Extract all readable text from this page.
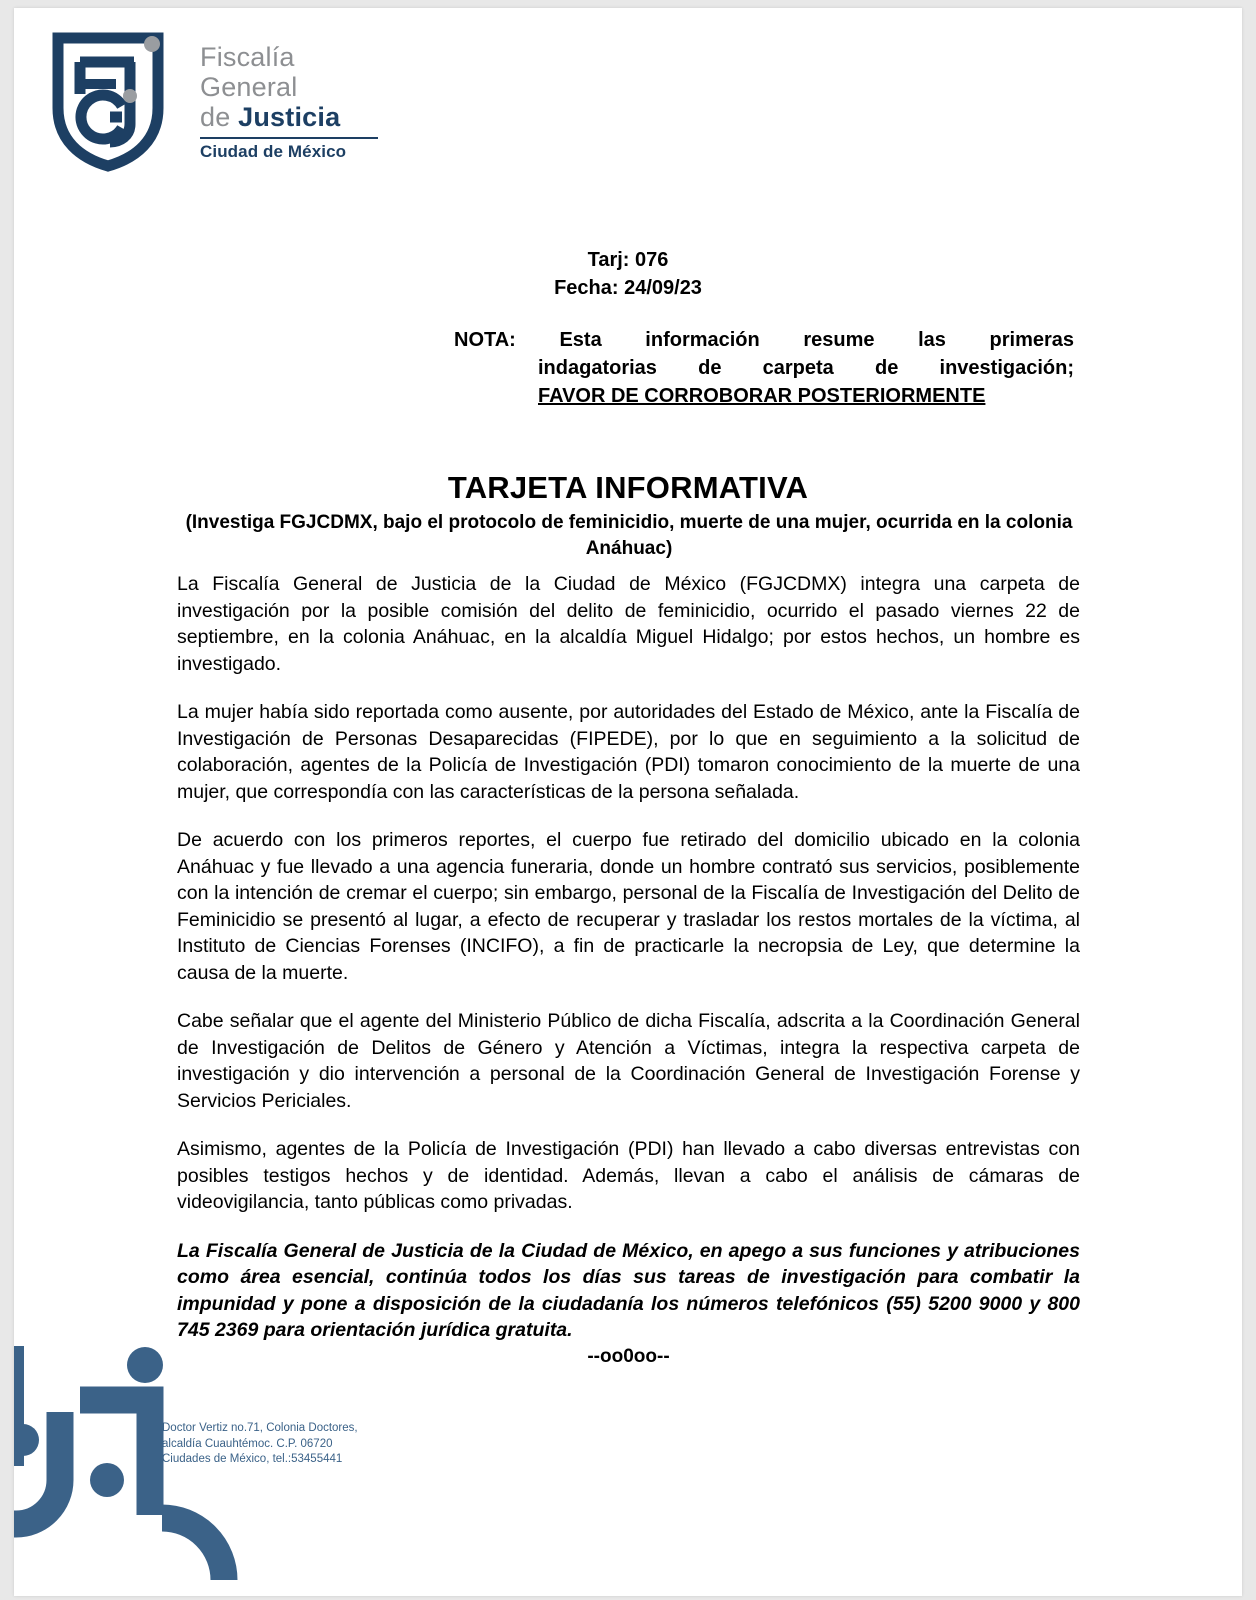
Fiscalía
General
de Justicia
Ciudad de México
Tarj: 076
Fecha: 24/09/23
NOTA: Esta información resume las primeras
indagatorias de carpeta de investigación;
FAVOR DE CORROBORAR POSTERIORMENTE
TARJETA INFORMATIVA
(Investiga FGJCDMX, bajo el protocolo de feminicidio, muerte de una mujer, ocurrida en la colonia Anáhuac)

La Fiscalía General de Justicia de la Ciudad de México (FGJCDMX) integra una carpeta de investigación por la posible comisión del delito de feminicidio, ocurrido el pasado viernes 22 de septiembre, en la colonia Anáhuac, en la alcaldía Miguel Hidalgo; por estos hechos, un hombre es investigado.

La mujer había sido reportada como ausente, por autoridades del Estado de México, ante la Fiscalía de Investigación de Personas Desaparecidas (FIPEDE), por lo que en seguimiento a la solicitud de colaboración, agentes de la Policía de Investigación (PDI) tomaron conocimiento de la muerte de una mujer, que correspondía con las características de la persona señalada.

De acuerdo con los primeros reportes, el cuerpo fue retirado del domicilio ubicado en la colonia Anáhuac y fue llevado a una agencia funeraria, donde un hombre contrató sus servicios, posiblemente con la intención de cremar el cuerpo; sin embargo, personal de la Fiscalía de Investigación del Delito de Feminicidio se presentó al lugar, a efecto de recuperar y trasladar los restos mortales de la víctima, al Instituto de Ciencias Forenses (INCIFO), a fin de practicarle la necropsia de Ley, que determine la causa de la muerte.

Cabe señalar que el agente del Ministerio Público de dicha Fiscalía, adscrita a la Coordinación General de Investigación de Delitos de Género y Atención a Víctimas, integra la respectiva carpeta de investigación y dio intervención a personal de la Coordinación General de Investigación Forense y Servicios Periciales.

Asimismo, agentes de la Policía de Investigación (PDI) han llevado a cabo diversas entrevistas con posibles testigos hechos y de identidad. Además, llevan a cabo el análisis de cámaras de videovigilancia, tanto públicas como privadas.

La Fiscalía General de Justicia de la Ciudad de México, en apego a sus funciones y atribuciones como área esencial, continúa todos los días sus tareas de investigación para combatir la impunidad y pone a disposición de la ciudadanía los números telefónicos (55) 5200 9000 y 800 745 2369 para orientación jurídica gratuita.

--oo0oo--
Doctor Vertiz no.71, Colonia Doctores,
alcaldía Cuauhtémoc. C.P. 06720
Ciudades de México, tel.:53455441
